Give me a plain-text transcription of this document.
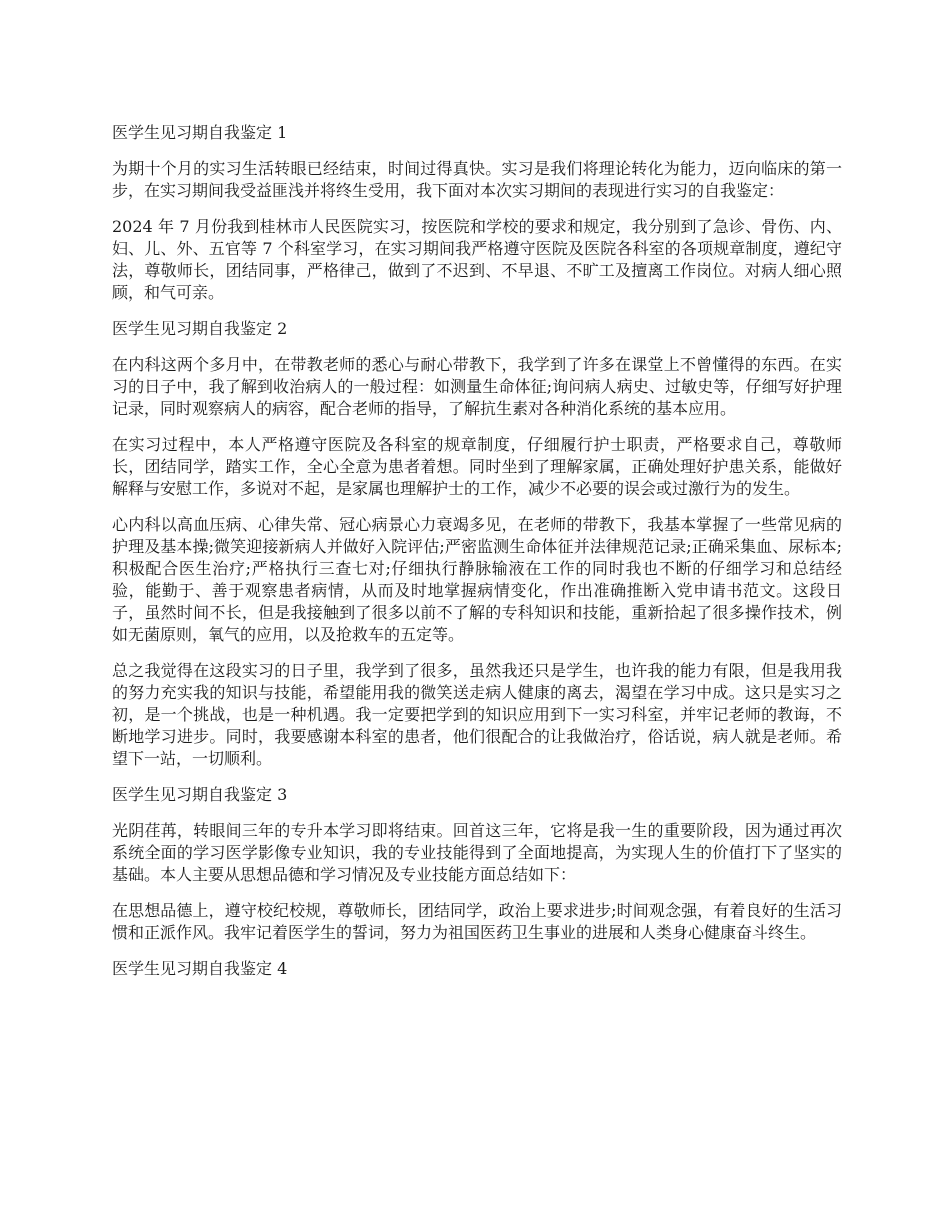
医学生见习期自我鉴定 1

为期十个月的实习生活转眼已经结束，时间过得真快。实习是我们将理论转化为能力，迈向临床的第一步，在实习期间我受益匪浅并将终生受用，我下面对本次实习期间的表现进行实习的自我鉴定：

2024 年 7 月份我到桂林市人民医院实习，按医院和学校的要求和规定，我分别到了急诊、骨伤、内、妇、儿、外、五官等 7 个科室学习，在实习期间我严格遵守医院及医院各科室的各项规章制度，遵纪守法，尊敬师长，团结同事，严格律己，做到了不迟到、不早退、不旷工及擅离工作岗位。对病人细心照顾，和气可亲。

医学生见习期自我鉴定 2

在内科这两个多月中，在带教老师的悉心与耐心带教下，我学到了许多在课堂上不曾懂得的东西。在实习的日子中，我了解到收治病人的一般过程：如测量生命体征;询问病人病史、过敏史等，仔细写好护理记录，同时观察病人的病容，配合老师的指导，了解抗生素对各种消化系统的基本应用。

在实习过程中，本人严格遵守医院及各科室的规章制度，仔细履行护士职责，严格要求自己，尊敬师长，团结同学，踏实工作，全心全意为患者着想。同时坐到了理解家属，正确处理好护患关系，能做好解释与安慰工作，多说对不起，是家属也理解护士的工作，减少不必要的误会或过激行为的发生。

心内科以高血压病、心律失常、冠心病景心力衰竭多见，在老师的带教下，我基本掌握了一些常见病的护理及基本操;微笑迎接新病人并做好入院评估;严密监测生命体征并法律规范记录;正确采集血、尿标本;积极配合医生治疗;严格执行三查七对;仔细执行静脉输液在工作的同时我也不断的仔细学习和总结经验，能勤于、善于观察患者病情，从而及时地掌握病情变化，作出准确推断入党申请书范文。这段日子，虽然时间不长，但是我接触到了很多以前不了解的专科知识和技能，重新拾起了很多操作技术，例如无菌原则，氧气的应用，以及抢救车的五定等。

总之我觉得在这段实习的日子里，我学到了很多，虽然我还只是学生，也许我的能力有限，但是我用我的努力充实我的知识与技能，希望能用我的微笑送走病人健康的离去，渴望在学习中成。这只是实习之初，是一个挑战，也是一种机遇。我一定要把学到的知识应用到下一实习科室，并牢记老师的教诲，不断地学习进步。同时，我要感谢本科室的患者，他们很配合的让我做治疗，俗话说，病人就是老师。希望下一站，一切顺利。

医学生见习期自我鉴定 3

光阴荏苒，转眼间三年的专升本学习即将结束。回首这三年，它将是我一生的重要阶段，因为通过再次系统全面的学习医学影像专业知识，我的专业技能得到了全面地提高，为实现人生的价值打下了坚实的基础。本人主要从思想品德和学习情况及专业技能方面总结如下：

在思想品德上，遵守校纪校规，尊敬师长，团结同学，政治上要求进步;时间观念强，有着良好的生活习惯和正派作风。我牢记着医学生的誓词，努力为祖国医药卫生事业的进展和人类身心健康奋斗终生。

医学生见习期自我鉴定 4
